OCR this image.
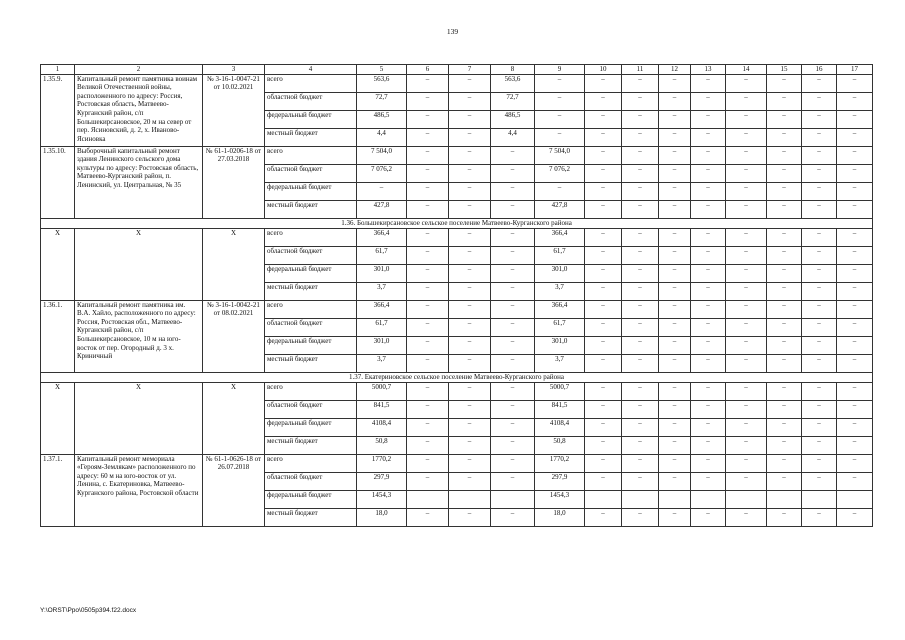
139
1	2	3	4	5	6	7	8	9	10	11	12	13	14	15	16	17
1.35.9.	Капитальный ремонт памятника воинам Великой Отечественной войны, расположенного по адресу: Россия, Ростовская область, Матвеево-Курганский район, с/п Большекирсановское, 20 м на север от пер. Ясиновский, д. 2, х. Иваново-Ясиновка	№ 3-16-1-0047-21 от 10.02.2021	всего	563,6	–	–	563,6	–	–	–	–	–	–	–	–	–
			областной бюджет	72,7	–	–	72,7	–	–	–	–	–	–	–	–	–
			федеральный бюджет	486,5	–	–	486,5	–	–	–	–	–	–	–	–	–
			местный бюджет	4,4	–	–	4,4	–	–	–	–	–	–	–	–	–
1.35.10.	Выборочный капитальный ремонт здания Ленинского сельского дома культуры по адресу: Ростовская область, Матвеево-Курганский район, п. Ленинский, ул. Центральная, № 35	№ 61-1-0206-18 от 27.03.2018	всего	7 504,0	–	–	–	7 504,0	–	–	–	–	–	–	–	–
			областной бюджет	7 076,2	–	–	–	7 076,2	–	–	–	–	–	–	–	–
			федеральный бюджет	–	–	–	–	–	–	–	–	–	–	–	–	–
			местный бюджет	427,8	–	–	–	427,8	–	–	–	–	–	–	–	–
1.36. Большекирсановское сельское поселение Матвеево-Курганского района																
Х	Х	Х	всего	366,4	–	–	–	366,4	–	–	–	–	–	–	–	–
			областной бюджет	61,7	–	–	–	61,7	–	–	–	–	–	–	–	–
			федеральный бюджет	301,0	–	–	–	301,0	–	–	–	–	–	–	–	–
			местный бюджет	3,7	–	–	–	3,7	–	–	–	–	–	–	–	–
1.36.1.	Капитальный ремонт памятника им. В.А. Хайло, расположенного по адресу: Россия, Ростовская обл., Матвеево-Курганский район, с/п Большекирсановское, 10 м на юго-восток от пер. Огородный д. 3 х. Криничный	№ 3-16-1-0042-21 от 08.02.2021	всего	366,4	–	–	–	366,4	–	–	–	–	–	–	–	–
			областной бюджет	61,7	–	–	–	61,7	–	–	–	–	–	–	–	–
			федеральный бюджет	301,0	–	–	–	301,0	–	–	–	–	–	–	–	–
			местный бюджет	3,7	–	–	–	3,7	–	–	–	–	–	–	–	–
1.37. Екатериновское сельское поселение Матвеево-Курганского района																
Х	Х	Х	всего	5000,7	–	–	–	5000,7	–	–	–	–	–	–	–	–
			областной бюджет	841,5	–	–	–	841,5	–	–	–	–	–	–	–	–
			федеральный бюджет	4108,4	–	–	–	4108,4	–	–	–	–	–	–	–	–
			местный бюджет	50,8	–	–	–	50,8	–	–	–	–	–	–	–	–
1.37.1.	Капитальный ремонт мемориала «Героям-Землякам» расположенного по адресу: 60 м на юго-восток от ул. Ленина, с. Екатериновка, Матвеево- Курганского района, Ростовской области	№ 61-1-0626-18 от 26.07.2018	всего	1770,2	–	–	–	1770,2	–	–	–	–	–	–	–	–
			областной бюджет	297,9	–	–	–	297,9	–	–	–	–	–	–	–	–
			федеральный бюджет	1454,3				1454,3								
			местный бюджет	18,0	–	–	–	18,0	–	–	–	–	–	–	–	–
Y:\ORST\Ppo\0505p394.f22.docx
